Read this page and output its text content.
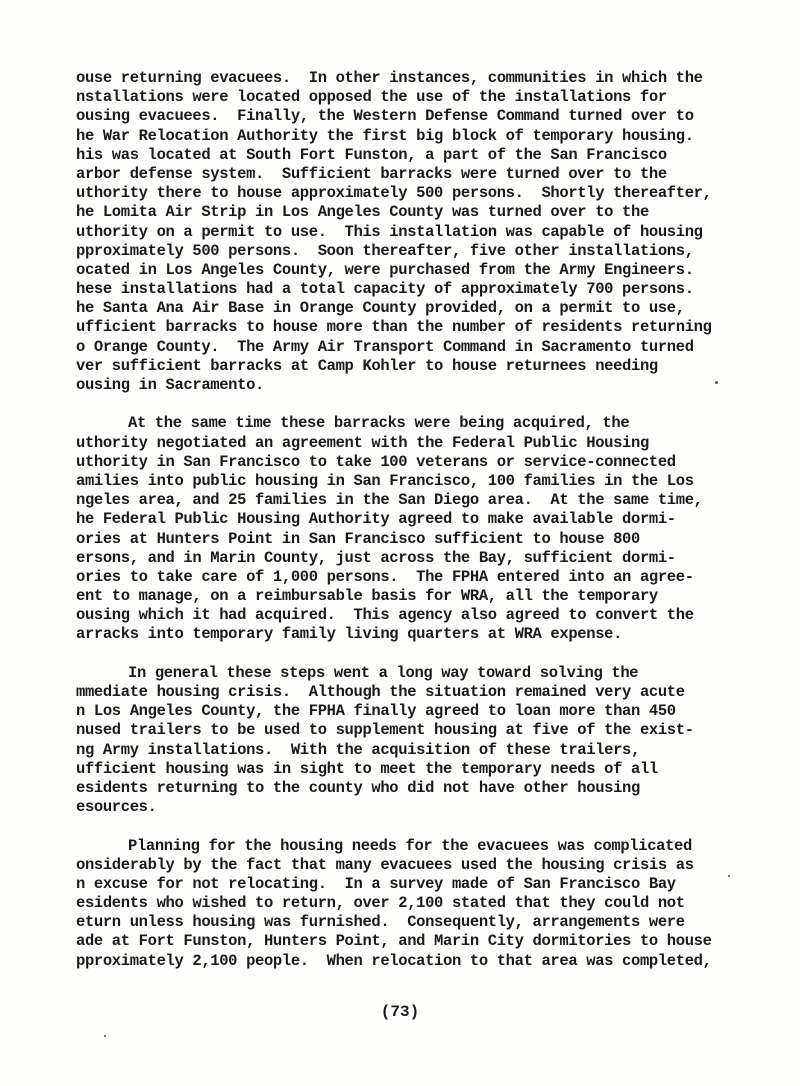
ouse returning evacuees.  In other instances, communities in which the
nstallations were located opposed the use of the installations for
ousing evacuees.  Finally, the Western Defense Command turned over to
he War Relocation Authority the first big block of temporary housing.
his was located at South Fort Funston, a part of the San Francisco
arbor defense system.  Sufficient barracks were turned over to the
uthority there to house approximately 500 persons.  Shortly thereafter,
he Lomita Air Strip in Los Angeles County was turned over to the
uthority on a permit to use.  This installation was capable of housing
pproximately 500 persons.  Soon thereafter, five other installations,
ocated in Los Angeles County, were purchased from the Army Engineers.
hese installations had a total capacity of approximately 700 persons.
he Santa Ana Air Base in Orange County provided, on a permit to use,
ufficient barracks to house more than the number of residents returning
o Orange County.  The Army Air Transport Command in Sacramento turned
ver sufficient barracks at Camp Kohler to house returnees needing
ousing in Sacramento.
At the same time these barracks were being acquired, the
uthority negotiated an agreement with the Federal Public Housing
uthority in San Francisco to take 100 veterans or service-connected
amilies into public housing in San Francisco, 100 families in the Los
ngeles area, and 25 families in the San Diego area.  At the same time,
he Federal Public Housing Authority agreed to make available dormi-
ories at Hunters Point in San Francisco sufficient to house 800
ersons, and in Marin County, just across the Bay, sufficient dormi-
ories to take care of 1,000 persons.  The FPHA entered into an agree-
ent to manage, on a reimbursable basis for WRA, all the temporary
ousing which it had acquired.  This agency also agreed to convert the
arracks into temporary family living quarters at WRA expense.
In general these steps went a long way toward solving the
mmediate housing crisis.  Although the situation remained very acute
n Los Angeles County, the FPHA finally agreed to loan more than 450
nused trailers to be used to supplement housing at five of the exist-
ng Army installations.  With the acquisition of these trailers,
ufficient housing was in sight to meet the temporary needs of all
esidents returning to the county who did not have other housing
esources.
Planning for the housing needs for the evacuees was complicated
onsiderably by the fact that many evacuees used the housing crisis as
n excuse for not relocating.  In a survey made of San Francisco Bay
esidents who wished to return, over 2,100 stated that they could not
eturn unless housing was furnished.  Consequently, arrangements were
ade at Fort Funston, Hunters Point, and Marin City dormitories to house
pproximately 2,100 people.  When relocation to that area was completed,
(73)
